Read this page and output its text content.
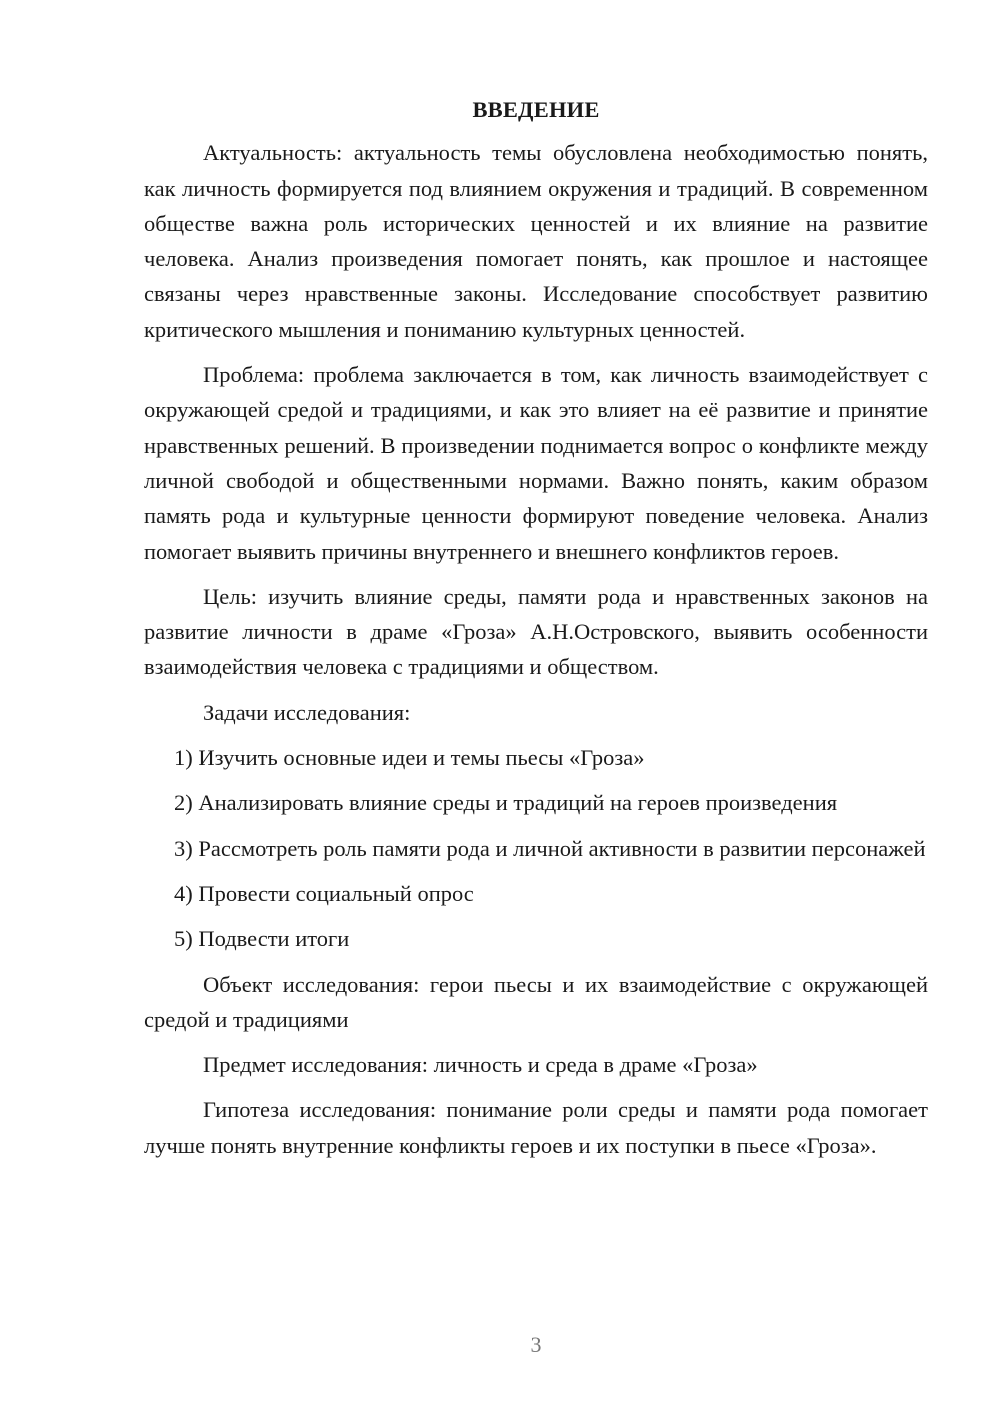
ВВЕДЕНИЕ

Актуальность: актуальность темы обусловлена необходимостью понять, как личность формируется под влиянием окружения и традиций. В современном обществе важна роль исторических ценностей и их влияние на развитие человека. Анализ произведения помогает понять, как прошлое и настоящее связаны через нравственные законы. Исследование способствует развитию критического мышления и пониманию культурных ценностей.

Проблема: проблема заключается в том, как личность взаимодействует с окружающей средой и традициями, и как это влияет на её развитие и принятие нравственных решений. В произведении поднимается вопрос о конфликте между личной свободой и общественными нормами. Важно понять, каким образом память рода и культурные ценности формируют поведение человека. Анализ помогает выявить причины внутреннего и внешнего конфликтов героев.

Цель: изучить влияние среды, памяти рода и нравственных законов на развитие личности в драме «Гроза» А.Н.Островского, выявить особенности взаимодействия человека с традициями и обществом.

Задачи исследования:

1) Изучить основные идеи и темы пьесы «Гроза»

2) Анализировать влияние среды и традиций на героев произведения

3) Рассмотреть роль памяти рода и личной активности в развитии персонажей

4) Провести социальный опрос

5) Подвести итоги

Объект исследования: герои пьесы и их взаимодействие с окружающей средой и традициями

Предмет исследования: личность и среда в драме «Гроза»

Гипотеза исследования: понимание роли среды и памяти рода помогает лучше понять внутренние конфликты героев и их поступки в пьесе «Гроза».

3
